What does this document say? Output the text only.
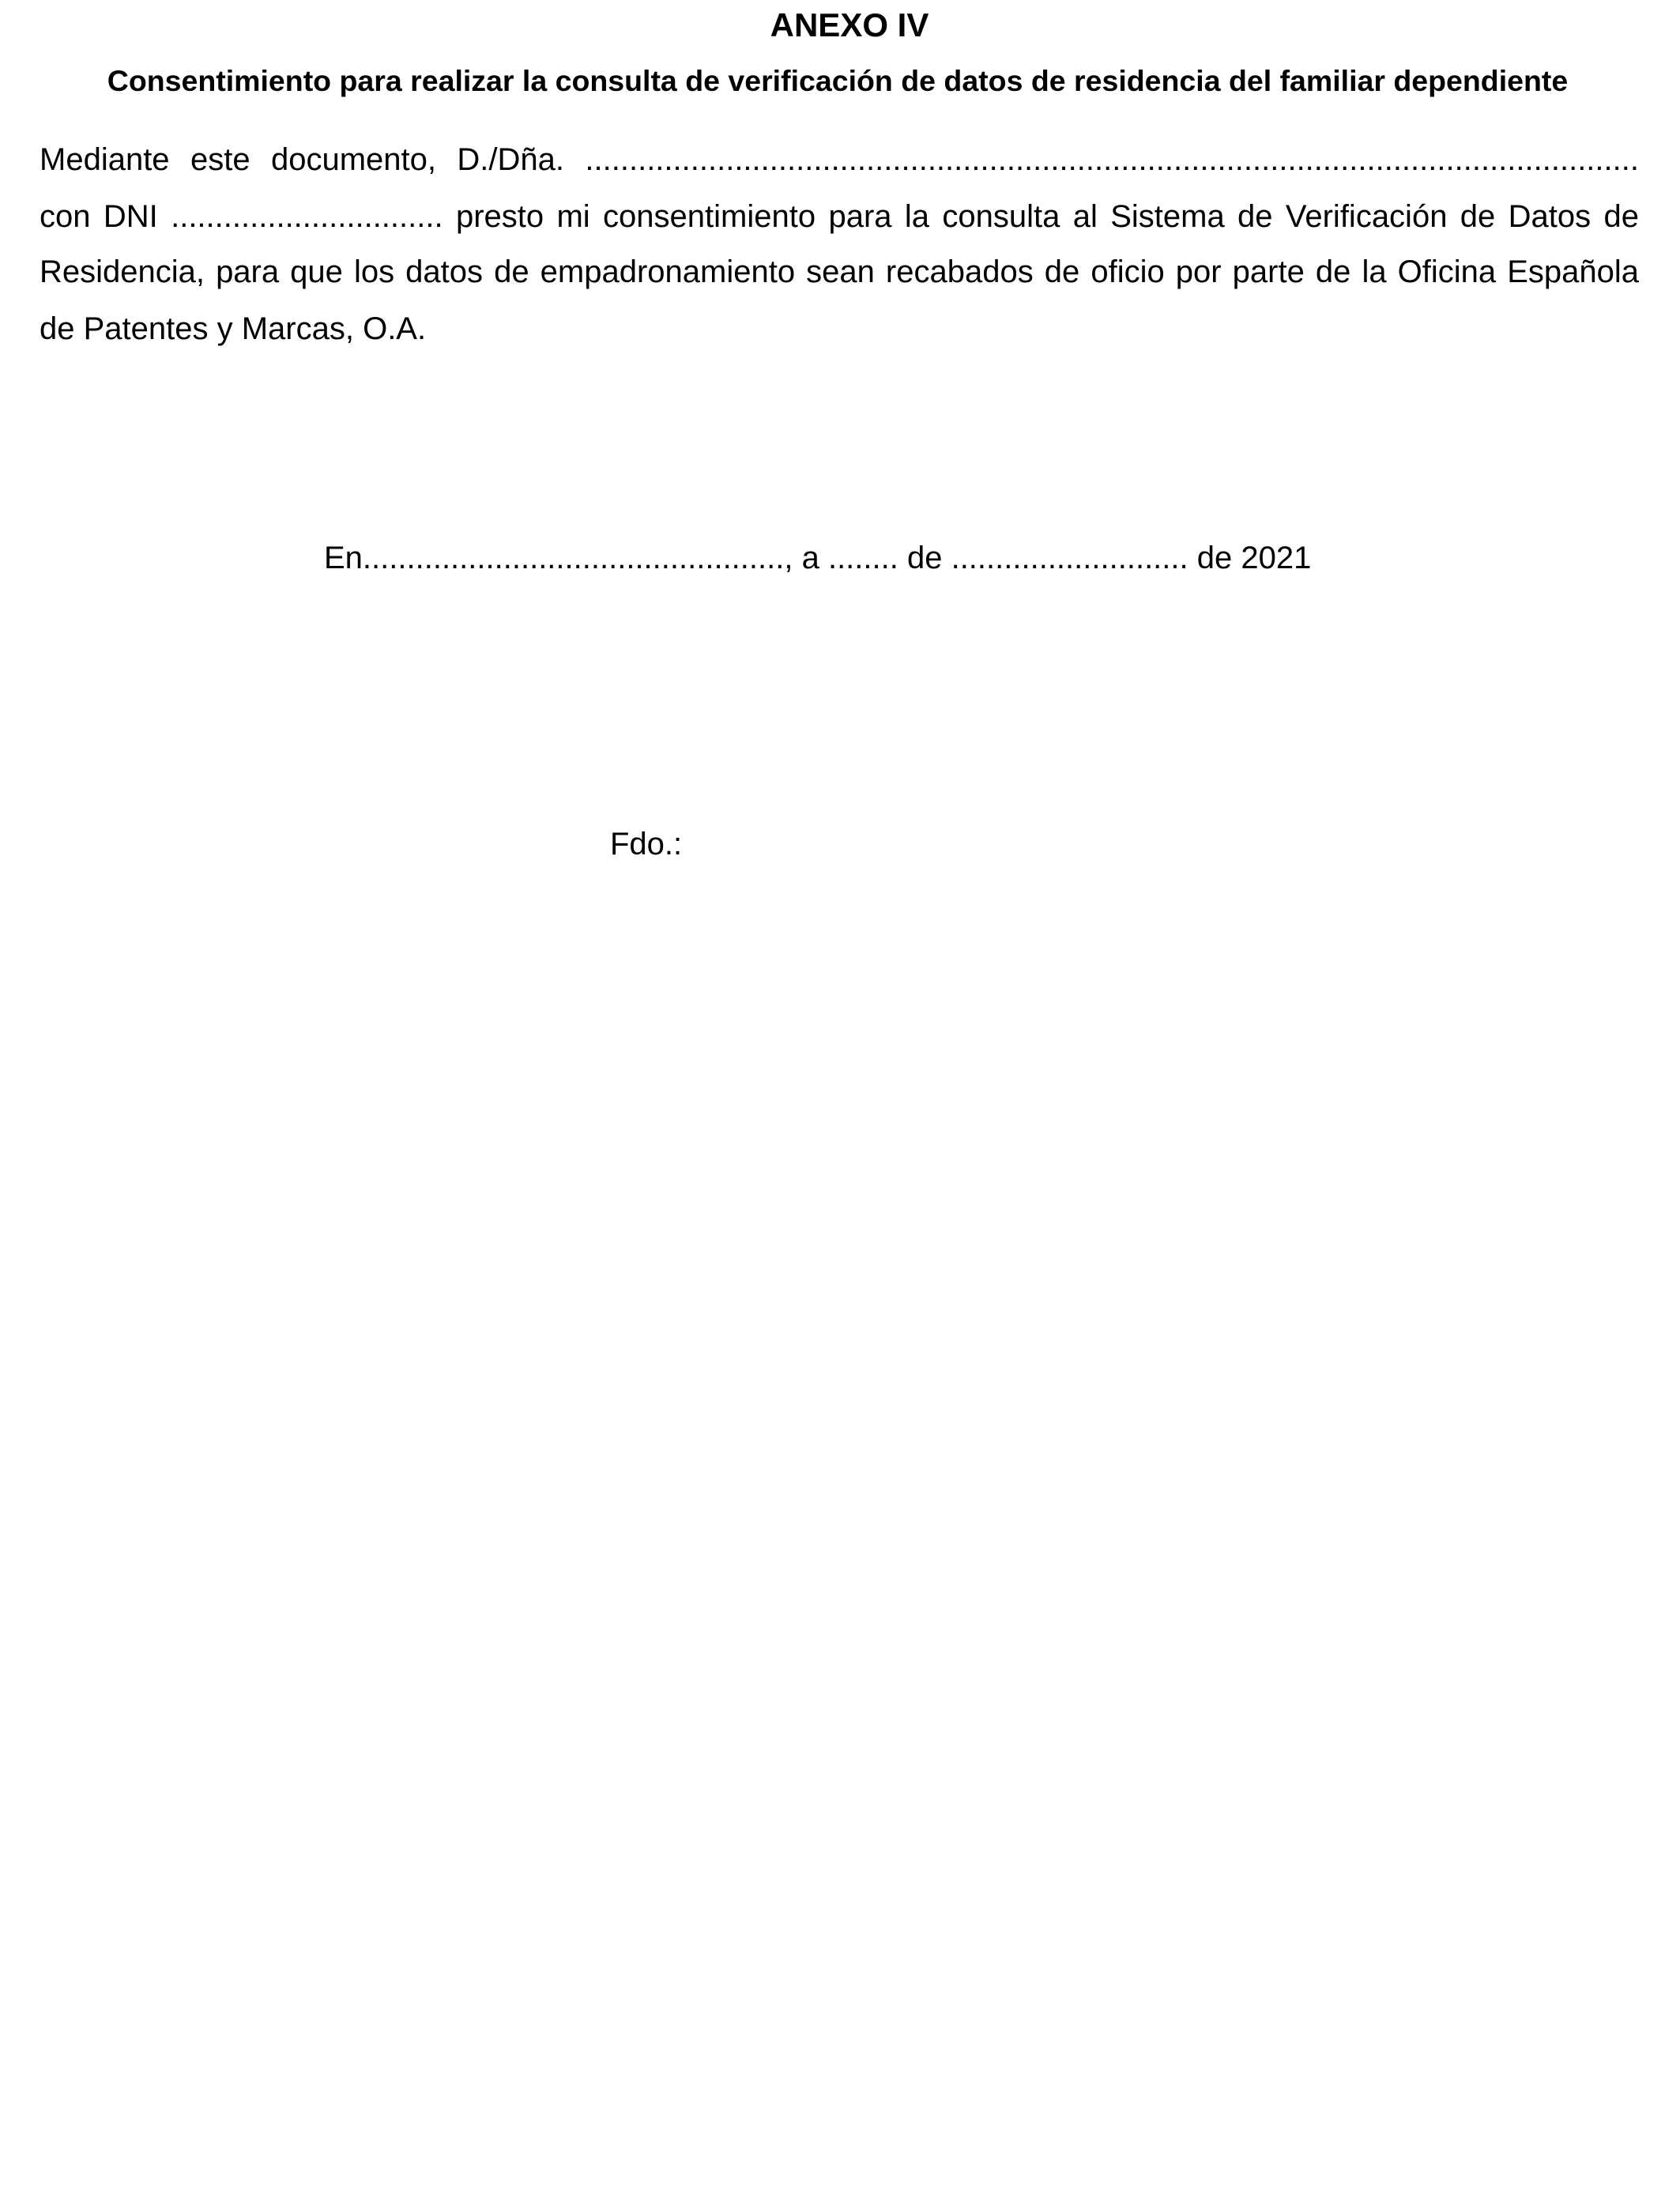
ANEXO IV
Consentimiento para realizar la consulta de verificación de datos de residencia del familiar dependiente
Mediante este documento, D./Dña. ........................................................................................................................
con DNI ............................... presto mi consentimiento para la consulta al Sistema de Verificación de Datos de
Residencia, para que los datos de empadronamiento sean recabados de oficio por parte de la Oficina Española
de Patentes y Marcas, O.A.
En................................................, a ........ de ........................... de 2021
Fdo.:
